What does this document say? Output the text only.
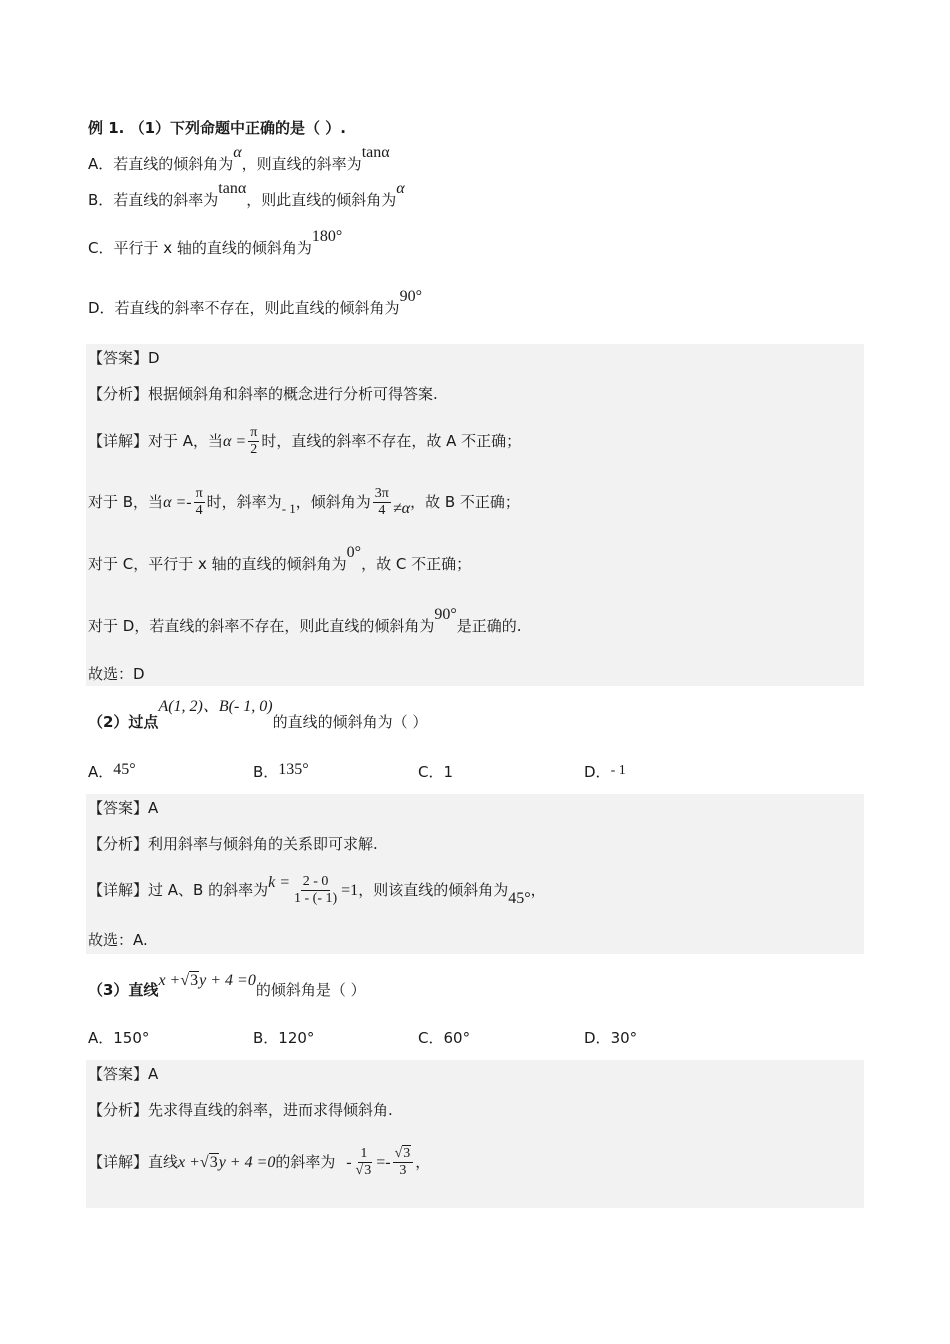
例 1. （1）下列命题中正确的是（ ）.
A．若直线的倾斜角为α，则直线的斜率为tanα
B．若直线的斜率为tanα，则此直线的倾斜角为α
C．平行于 x 轴的直线的倾斜角为180°
D．若直线的斜率不存在，则此直线的倾斜角为90°
【答案】D
【分析】根据倾斜角和斜率的概念进行分析可得答案.
【详解】对于 A，当$\alpha = \frac{\pi}{2}$ 时，直线的斜率不存在，故 A 不正确；
对于 B，当$\alpha =- \frac{\pi}{4}$ 时，斜率为- 1，倾斜角为 $\frac{3\pi}{4} \ne\alpha$，故 B 不正确；
对于 C，平行于 x 轴的直线的倾斜角为0°，故 C 不正确；
对于 D，若直线的斜率不存在，则此直线的倾斜角为90°是正确的.
故选：D
（2）过点A(1, 2)、B(- 1, 0)的直线的倾斜角为（ ）
A．45°	B．135°	C．1	D．- 1
【答案】A
【分析】利用斜率与倾斜角的关系即可求解.
【详解】过 A、B 的斜率为$k = \frac{2 - 0}{1 - (- 1)} =1$，则该直线的倾斜角为45°，
故选：A.
（3）直线x +√3y + 4 =0的倾斜角是（ ）
A．150°	B．120°	C．60°	D．30°
【答案】A
【分析】先求得直线的斜率，进而求得倾斜角.
【详解】直线x +√3y + 4 =0的斜率为 - $\frac{1}{√3} =- \frac{√3}{3}$ ，
